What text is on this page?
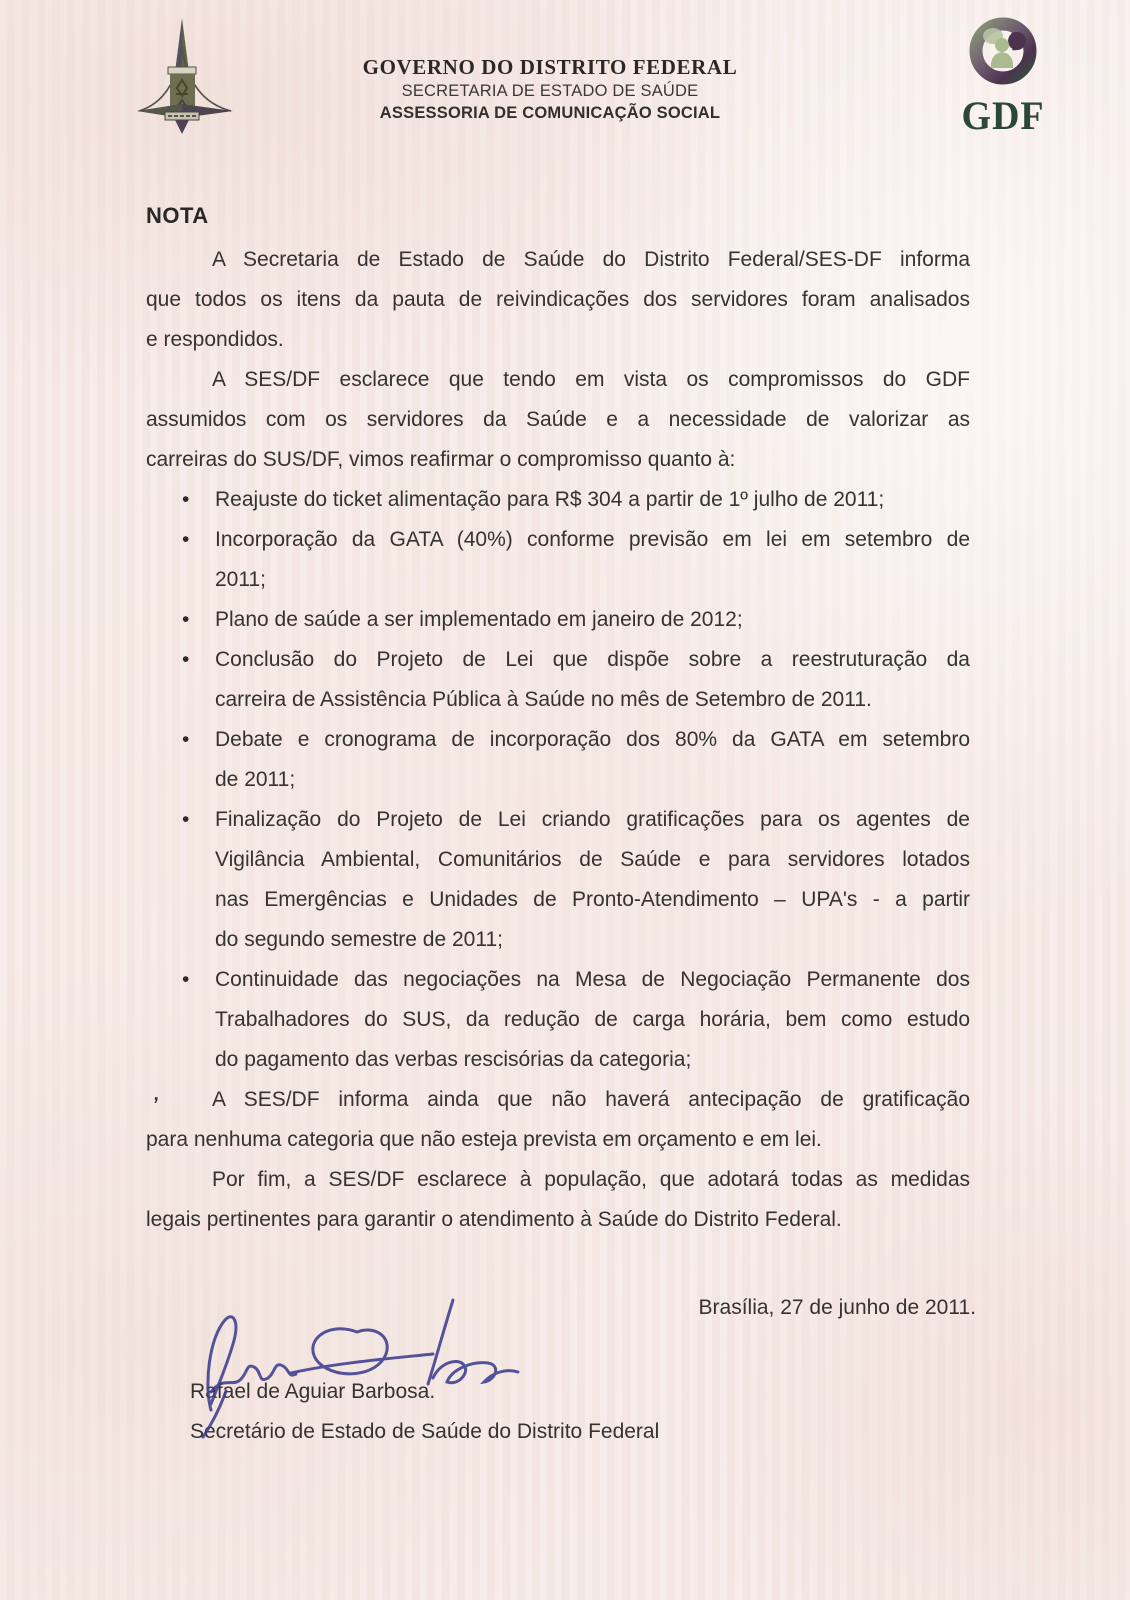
GOVERNO DO DISTRITO FEDERAL
SECRETARIA DE ESTADO DE SAÚDE
ASSESSORIA DE COMUNICAÇÃO SOCIAL	GDF
NOTA
A Secretaria de Estado de Saúde do Distrito Federal/SES-DF informa
que todos os itens da pauta de reivindicações dos servidores foram analisados
e respondidos.
A SES/DF esclarece que tendo em vista os compromissos do GDF
assumidos com os servidores da Saúde e a necessidade de valorizar as
carreiras do SUS/DF, vimos reafirmar o compromisso quanto à:
• Reajuste do ticket alimentação para R$ 304 a partir de 1º julho de 2011;
• Incorporação da GATA (40%) conforme previsão em lei em setembro de
2011;
• Plano de saúde a ser implementado em janeiro de 2012;
• Conclusão do Projeto de Lei que dispõe sobre a reestruturação da
carreira de Assistência Pública à Saúde no mês de Setembro de 2011.
• Debate e cronograma de incorporação dos 80% da GATA em setembro
de 2011;
• Finalização do Projeto de Lei criando gratificações para os agentes de
Vigilância Ambiental, Comunitários de Saúde e para servidores lotados
nas Emergências e Unidades de Pronto-Atendimento – UPA's - a partir
do segundo semestre de 2011;
• Continuidade das negociações na Mesa de Negociação Permanente dos
Trabalhadores do SUS, da redução de carga horária, bem como estudo
do pagamento das verbas rescisórias da categoria;
,	A SES/DF informa ainda que não haverá antecipação de gratificação
para nenhuma categoria que não esteja prevista em orçamento e em lei.
Por fim, a SES/DF esclarece à população, que adotará todas as medidas
legais pertinentes para garantir o atendimento à Saúde do Distrito Federal.
Brasília, 27 de junho de 2011.
Rafael de Aguiar Barbosa.
Secretário de Estado de Saúde do Distrito Federal
